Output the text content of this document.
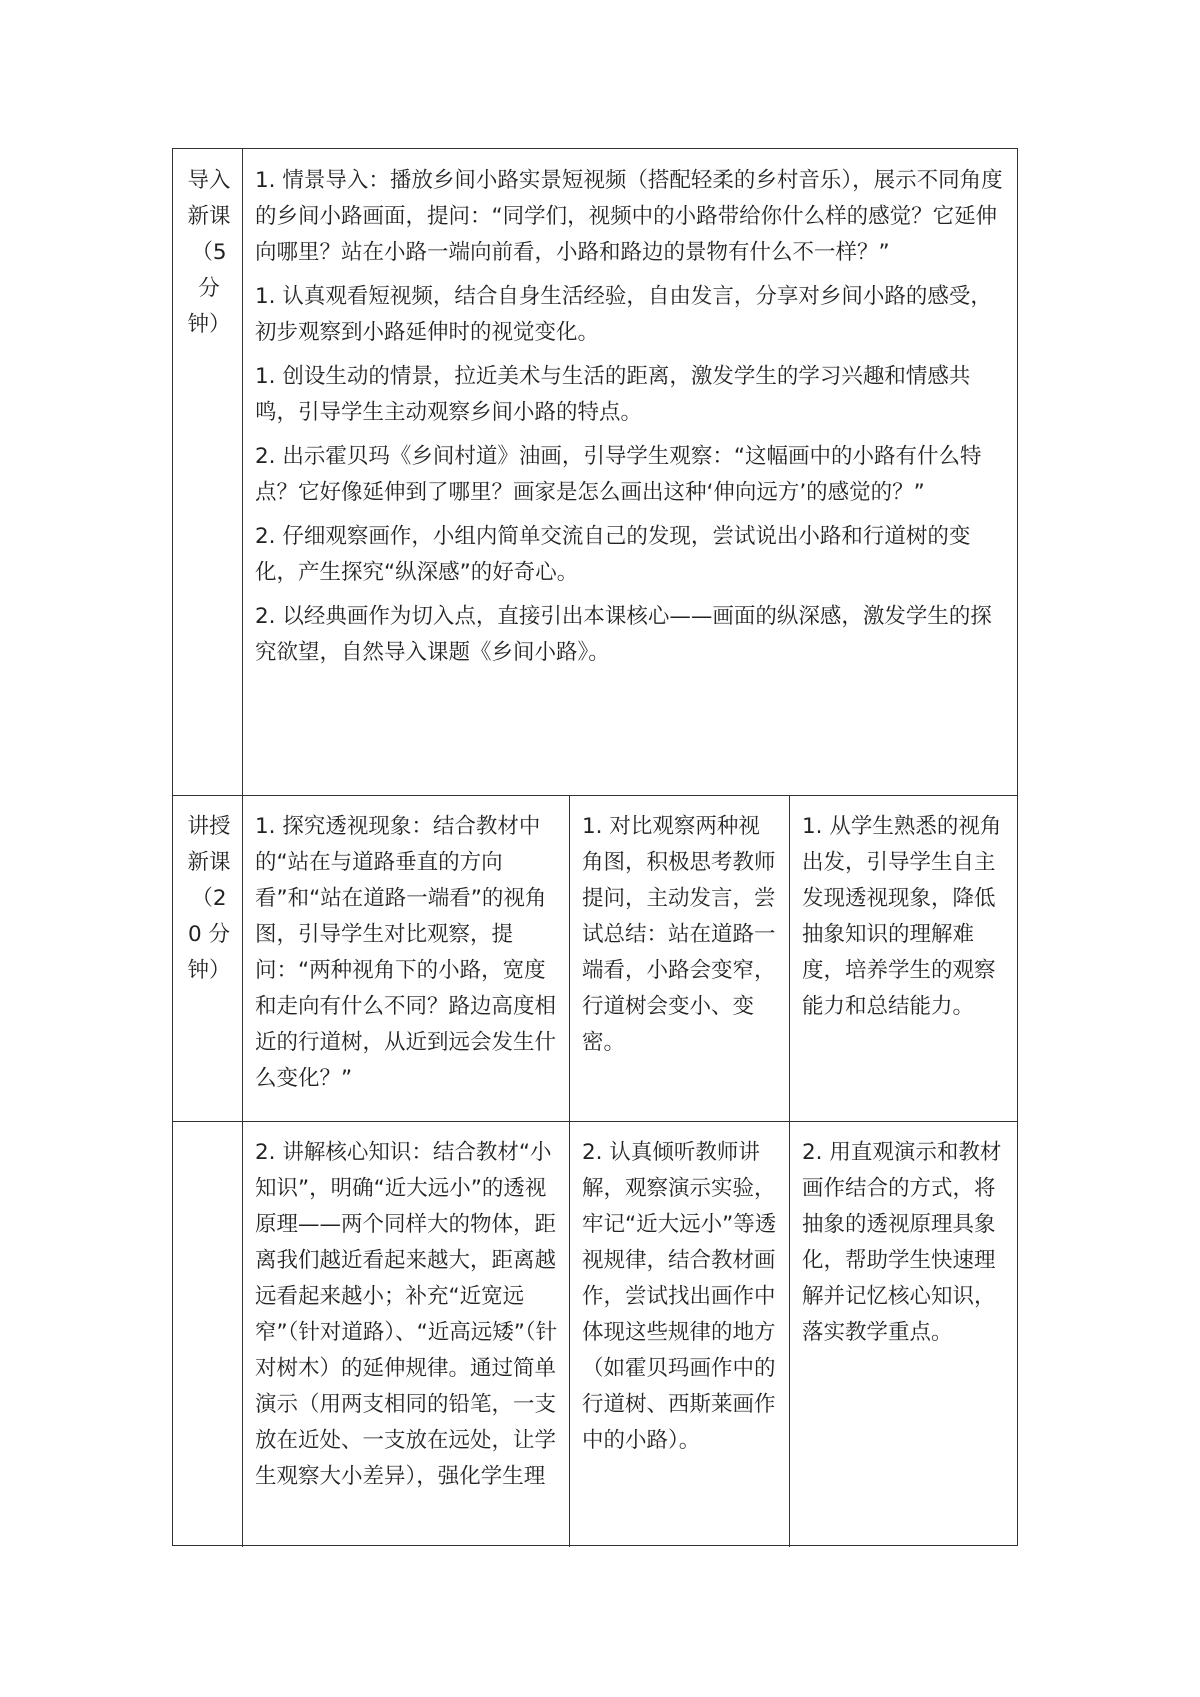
导入
新课
（5
分
钟）

1. 情景导入：播放乡间小路实景短视频（搭配轻柔的乡村音乐），展示不同角度的乡间小路画面，提问：“同学们，视频中的小路带给你什么样的感觉？它延伸向哪里？站在小路一端向前看，小路和路边的景物有什么不一样？”

1. 认真观看短视频，结合自身生活经验，自由发言，分享对乡间小路的感受，初步观察到小路延伸时的视觉变化。

1. 创设生动的情景，拉近美术与生活的距离，激发学生的学习兴趣和情感共鸣，引导学生主动观察乡间小路的特点。

2. 出示霍贝玛《乡间村道》油画，引导学生观察：“这幅画中的小路有什么特点？它好像延伸到了哪里？画家是怎么画出这种‘伸向远方’的感觉的？”

2. 仔细观察画作，小组内简单交流自己的发现，尝试说出小路和行道树的变化，产生探究“纵深感”的好奇心。

2. 以经典画作为切入点，直接引出本课核心——画面的纵深感，激发学生的探究欲望，自然导入课题《乡间小路》。

讲授
新课
（2
0 分
钟）
1. 探究透视现象：结合教材中的“站在与道路垂直的方向看”和“站在道路一端看”的视角图，引导学生对比观察，提问：“两种视角下的小路，宽度和走向有什么不同？路边高度相近的行道树，从近到远会发生什么变化？”
1. 对比观察两种视角图，积极思考教师提问，主动发言，尝试总结：站在道路一端看，小路会变窄，行道树会变小、变密。
1. 从学生熟悉的视角出发，引导学生自主发现透视现象，降低抽象知识的理解难度，培养学生的观察能力和总结能力。
2. 讲解核心知识：结合教材“小知识”，明确“近大远小”的透视原理——两个同样大的物体，距离我们越近看起来越大，距离越远看起来越小；补充“近宽远窄”（针对道路）、“近高远矮”（针对树木）的延伸规律。通过简单演示（用两支相同的铅笔，一支放在近处、一支放在远处，让学生观察大小差异），强化学生理
2. 认真倾听教师讲解，观察演示实验，牢记“近大远小”等透视规律，结合教材画作，尝试找出画作中体现这些规律的地方（如霍贝玛画作中的行道树、西斯莱画作中的小路）。
2. 用直观演示和教材画作结合的方式，将抽象的透视原理具象化，帮助学生快速理解并记忆核心知识，落实教学重点。
